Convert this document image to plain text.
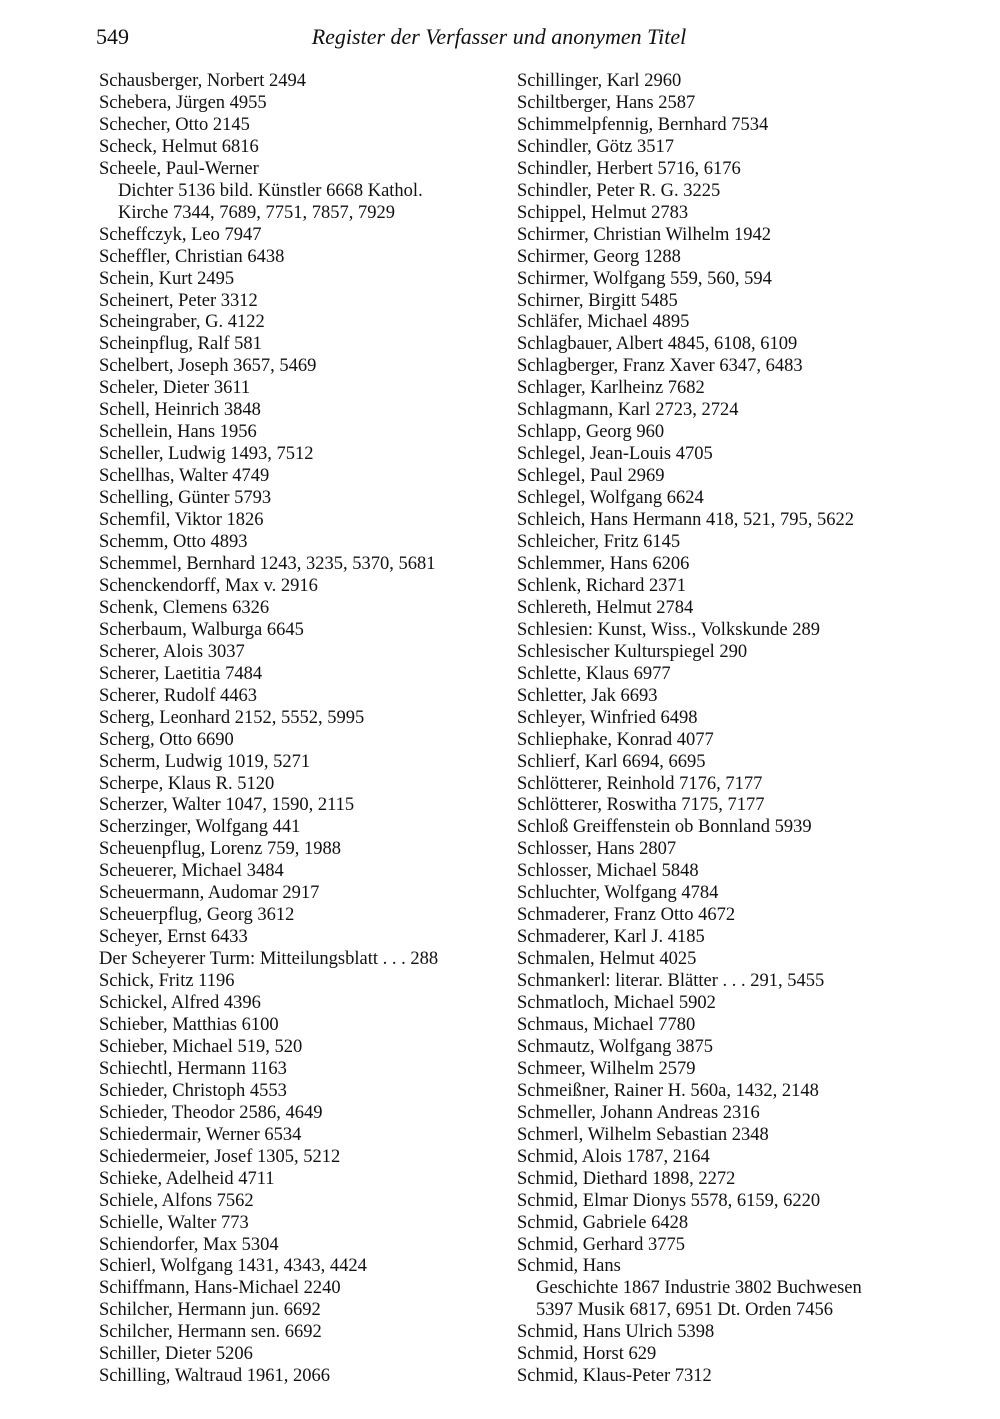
549	Register der Verfasser und anonymen Titel
Schausberger, Norbert 2494
Schebera, Jürgen 4955
Schecher, Otto 2145
Scheck, Helmut 6816
Scheele, Paul-Werner
Dichter 5136 bild. Künstler 6668 Kathol.
Kirche 7344, 7689, 7751, 7857, 7929
Scheffczyk, Leo 7947
Scheffler, Christian 6438
Schein, Kurt 2495
Scheinert, Peter 3312
Scheingraber, G. 4122
Scheinpflug, Ralf 581
Schelbert, Joseph 3657, 5469
Scheler, Dieter 3611
Schell, Heinrich 3848
Schellein, Hans 1956
Scheller, Ludwig 1493, 7512
Schellhas, Walter 4749
Schelling, Günter 5793
Schemfil, Viktor 1826
Schemm, Otto 4893
Schemmel, Bernhard 1243, 3235, 5370, 5681
Schenckendorff, Max v. 2916
Schenk, Clemens 6326
Scherbaum, Walburga 6645
Scherer, Alois 3037
Scherer, Laetitia 7484
Scherer, Rudolf 4463
Scherg, Leonhard 2152, 5552, 5995
Scherg, Otto 6690
Scherm, Ludwig 1019, 5271
Scherpe, Klaus R. 5120
Scherzer, Walter 1047, 1590, 2115
Scherzinger, Wolfgang 441
Scheuenpflug, Lorenz 759, 1988
Scheuerer, Michael 3484
Scheuermann, Audomar 2917
Scheuerpflug, Georg 3612
Scheyer, Ernst 6433
Der Scheyerer Turm: Mitteilungsblatt . . . 288
Schick, Fritz 1196
Schickel, Alfred 4396
Schieber, Matthias 6100
Schieber, Michael 519, 520
Schiechtl, Hermann 1163
Schieder, Christoph 4553
Schieder, Theodor 2586, 4649
Schiedermair, Werner 6534
Schiedermeier, Josef 1305, 5212
Schieke, Adelheid 4711
Schiele, Alfons 7562
Schielle, Walter 773
Schiendorfer, Max 5304
Schierl, Wolfgang 1431, 4343, 4424
Schiffmann, Hans-Michael 2240
Schilcher, Hermann jun. 6692
Schilcher, Hermann sen. 6692
Schiller, Dieter 5206
Schilling, Waltraud 1961, 2066
Schillinger, Karl 2960
Schiltberger, Hans 2587
Schimmelpfennig, Bernhard 7534
Schindler, Götz 3517
Schindler, Herbert 5716, 6176
Schindler, Peter R. G. 3225
Schippel, Helmut 2783
Schirmer, Christian Wilhelm 1942
Schirmer, Georg 1288
Schirmer, Wolfgang 559, 560, 594
Schirner, Birgitt 5485
Schläfer, Michael 4895
Schlagbauer, Albert 4845, 6108, 6109
Schlagberger, Franz Xaver 6347, 6483
Schlager, Karlheinz 7682
Schlagmann, Karl 2723, 2724
Schlapp, Georg 960
Schlegel, Jean-Louis 4705
Schlegel, Paul 2969
Schlegel, Wolfgang 6624
Schleich, Hans Hermann 418, 521, 795, 5622
Schleicher, Fritz 6145
Schlemmer, Hans 6206
Schlenk, Richard 2371
Schlereth, Helmut 2784
Schlesien: Kunst, Wiss., Volkskunde 289
Schlesischer Kulturspiegel 290
Schlette, Klaus 6977
Schletter, Jak 6693
Schleyer, Winfried 6498
Schliephake, Konrad 4077
Schlierf, Karl 6694, 6695
Schlötterer, Reinhold 7176, 7177
Schlötterer, Roswitha 7175, 7177
Schloß Greiffenstein ob Bonnland 5939
Schlosser, Hans 2807
Schlosser, Michael 5848
Schluchter, Wolfgang 4784
Schmaderer, Franz Otto 4672
Schmaderer, Karl J. 4185
Schmalen, Helmut 4025
Schmankerl: literar. Blätter . . . 291, 5455
Schmatloch, Michael 5902
Schmaus, Michael 7780
Schmautz, Wolfgang 3875
Schmeer, Wilhelm 2579
Schmeißner, Rainer H. 560a, 1432, 2148
Schmeller, Johann Andreas 2316
Schmerl, Wilhelm Sebastian 2348
Schmid, Alois 1787, 2164
Schmid, Diethard 1898, 2272
Schmid, Elmar Dionys 5578, 6159, 6220
Schmid, Gabriele 6428
Schmid, Gerhard 3775
Schmid, Hans
Geschichte 1867 Industrie 3802 Buchwesen
5397 Musik 6817, 6951 Dt. Orden 7456
Schmid, Hans Ulrich 5398
Schmid, Horst 629
Schmid, Klaus-Peter 7312
